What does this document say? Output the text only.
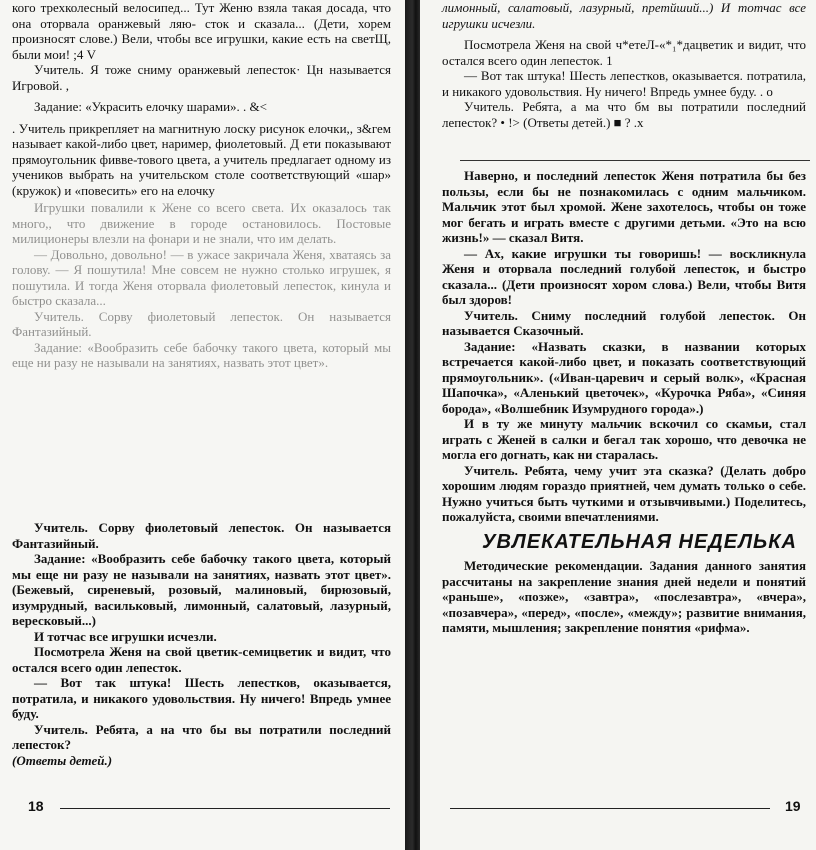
кого трехколесный велосипед... Тут Женю взяла такая досада, что она оторвала оранжевый ляю- сток и сказала... (Дети, хорем произносят слове.) Вели, чтобы все игрушки, какие есть на светЩ, были мои! ;4 V

Учитель. Я тоже сниму оранжевый лепесток· Цн называется Игровой. ,

Задание: «Украсить елочку шарами». . &<

. Учитель прикрепляет на магнитную лоску рисунок елочки,, з&гем называет какой-либо цвет, наример, фиолетовый. Д ети показывают прямоугольник фиввe-тового цвета, а учитель предлагает одному из учеников выбрать на учительском столе соответствующий «шар» (кружок) и «повесить» его на елочку

Игрушки повалили к Жене со всего света. Их оказалось так много,, что движение в городе остановилось. Постовые милиционеры влезли на фонари и не знали, что им делать.

— Довольно, довольно! — в ужасе закричала Женя, хватаясь за голову. — Я пошутила! Мне совсем не нужно столько игрушек, я пошутила. И тогда Женя оторвала фиолетовый лепесток, кинула и быстро сказала...

Учитель. Сорву фиолетовый лепесток. Он называется Фантазийный.

Задание: «Вообразить себе бабочку такого цвета, который мы еще ни разу не называли на занятиях, назвать этот цвет».

Учитель. Сорву фиолетовый лепесток. Он называется Фантазийный.

Задание: «Вообразить себе бабочку такого цвета, который мы еще ни разу не называли на занятиях, назвать этот цвет». (Бежевый, сиреневый, розовый, малиновый, бирюзовый, изумрудный, васильковый, лимонный, салатовый, лазурный, вересковый...)

И тотчас все игрушки исчезли.

Посмотрела Женя на свой цветик-семицветик и видит, что остался всего один лепесток.

— Вот так штука! Шесть лепестков, оказывается, потратила, и никакого удовольствия. Ну ничего! Впредь умнее буду.

Учитель. Ребята, а на что бы вы потратили последний лепесток?

(Ответы детей.)

18

лимонный, салатовый, лазурный, претйший...) И тотчас все игрушки исчезли.

Посмотрела Женя на свой ч*етеЛ-«*₁*дацветик и видит, что остался всего один лепесток. 1

— Вот так штука! Шесть лепестков, оказывается. потратила, и никакого удовольствия. Ну ничего! Впредь умнее буду. . о

Учитель. Ребята, а ма что бм вы потратили последний лепесток? • !> (Ответы детей.) ■ ? .х

Наверно, и последний лепесток Женя потратила бы без пользы, если бы не познакомилась с одним мальчиком. Мальчик этот был хромой. Жене захотелось, чтобы он тоже мог бегать и играть вместе с другими детьми. «Это на всю жизнь!» — сказал Витя.

— Ах, какие игрушки ты говоришь! — воскликнула Женя и оторвала последний голубой лепесток, и быстро сказала... (Дети произносят хором слова.) Вели, чтобы Витя был здоров!

Учитель. Сниму последний голубой лепесток. Он называется Сказочный.

Задание: «Назвать сказки, в названии которых встречается какой-либо цвет, и показать соответствующий прямоугольник». («Иван-царевич и серый волк», «Красная Шапочка», «Аленький цветочек», «Курочка Ряба», «Синяя борода», «Волшебник Изумрудного города».)

И в ту же минуту мальчик вскочил со скамьи, стал играть с Женей в салки и бегал так хорошо, что девочка не могла его догнать, как ни старалась.

Учитель. Ребята, чему учит эта сказка? (Делать добро хорошим людям гораздо приятней, чем думать только о себе. Нужно учиться быть чуткими и отзывчивыми.) Поделитесь, пожалуйста, своими впечатлениями.

УВЛЕКАТЕЛЬНАЯ НЕДЕЛЬКА

Методические рекомендации. Задания данного занятия рассчитаны на закрепление знания дней недели и понятий «раньше», «позже», «завтра», «послезавтра», «вчера», «позавчера», «перед», «после», «между»; развитие внимания, памяти, мышления; закрепление понятия «рифма».

19
